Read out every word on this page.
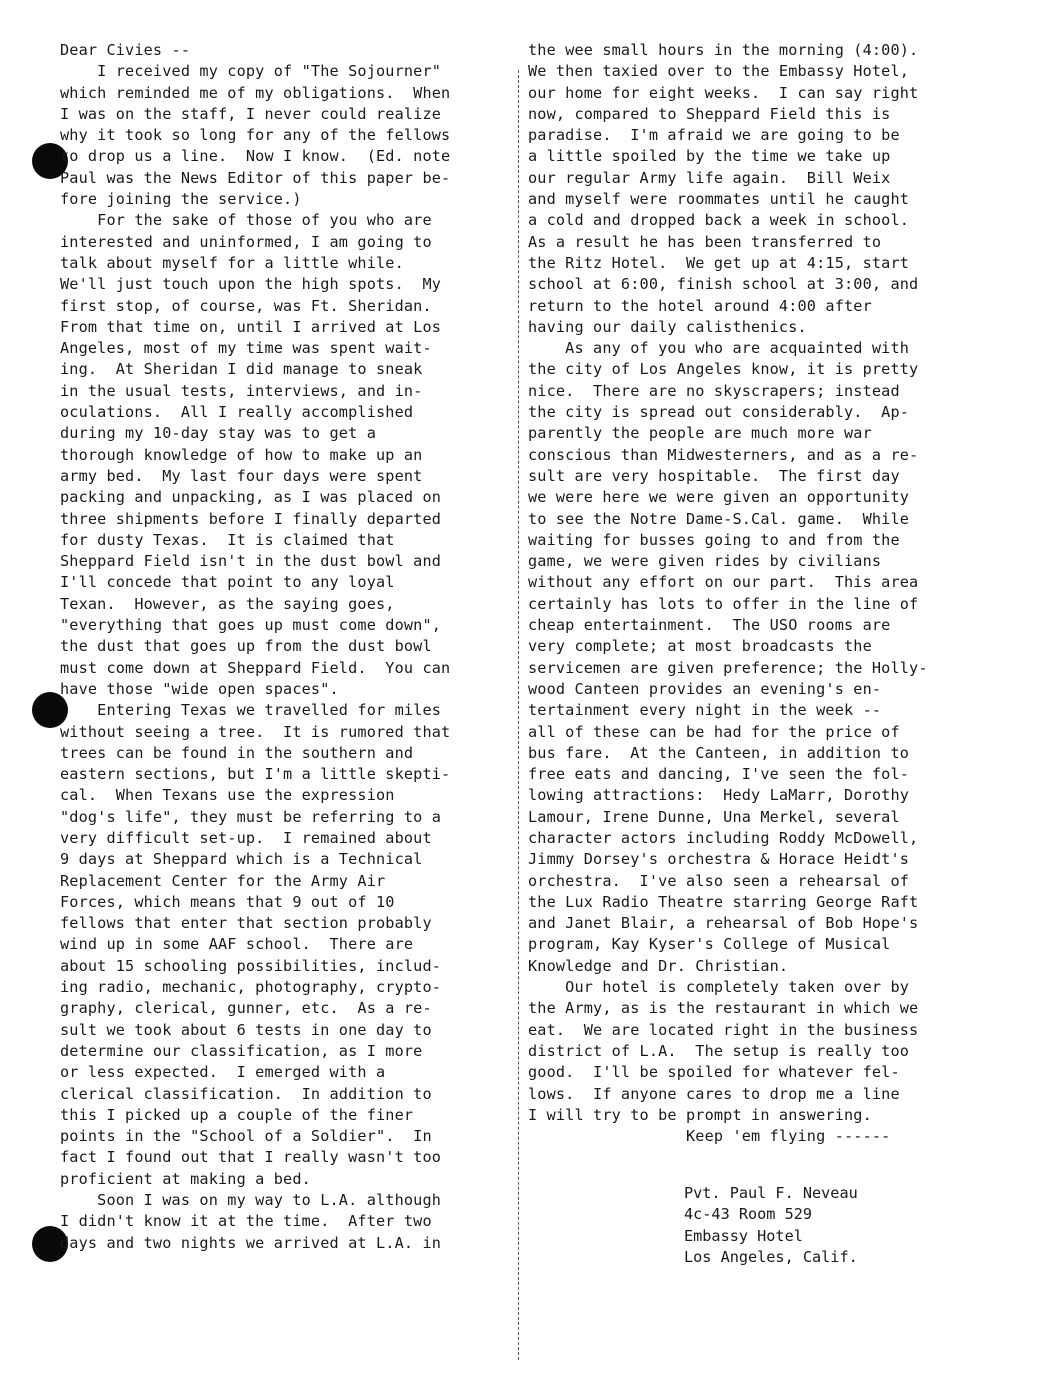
Dear Civies --
I received my copy of "The Sojourner"
which reminded me of my obligations.  When
I was on the staff, I never could realize
why it took so long for any of the fellows
to drop us a line.  Now I know.  (Ed. note
Paul was the News Editor of this paper be-
fore joining the service.)
For the sake of those of you who are
interested and uninformed, I am going to
talk about myself for a little while.
We'll just touch upon the high spots.  My
first stop, of course, was Ft. Sheridan.
From that time on, until I arrived at Los
Angeles, most of my time was spent wait-
ing.  At Sheridan I did manage to sneak
in the usual tests, interviews, and in-
oculations.  All I really accomplished
during my 10-day stay was to get a
thorough knowledge of how to make up an
army bed.  My last four days were spent
packing and unpacking, as I was placed on
three shipments before I finally departed
for dusty Texas.  It is claimed that
Sheppard Field isn't in the dust bowl and
I'll concede that point to any loyal
Texan.  However, as the saying goes,
"everything that goes up must come down",
the dust that goes up from the dust bowl
must come down at Sheppard Field.  You can
have those "wide open spaces".
Entering Texas we travelled for miles
without seeing a tree.  It is rumored that
trees can be found in the southern and
eastern sections, but I'm a little skepti-
cal.  When Texans use the expression
"dog's life", they must be referring to a
very difficult set-up.  I remained about
9 days at Sheppard which is a Technical
Replacement Center for the Army Air
Forces, which means that 9 out of 10
fellows that enter that section probably
wind up in some AAF school.  There are
about 15 schooling possibilities, includ-
ing radio, mechanic, photography, crypto-
graphy, clerical, gunner, etc.  As a re-
sult we took about 6 tests in one day to
determine our classification, as I more
or less expected.  I emerged with a
clerical classification.  In addition to
this I picked up a couple of the finer
points in the "School of a Soldier".  In
fact I found out that I really wasn't too
proficient at making a bed.
Soon I was on my way to L.A. although
I didn't know it at the time.  After two
days and two nights we arrived at L.A. in
the wee small hours in the morning (4:00).
We then taxied over to the Embassy Hotel,
our home for eight weeks.  I can say right
now, compared to Sheppard Field this is
paradise.  I'm afraid we are going to be
a little spoiled by the time we take up
our regular Army life again.  Bill Weix
and myself were roommates until he caught
a cold and dropped back a week in school.
As a result he has been transferred to
the Ritz Hotel.  We get up at 4:15, start
school at 6:00, finish school at 3:00, and
return to the hotel around 4:00 after
having our daily calisthenics.
As any of you who are acquainted with
the city of Los Angeles know, it is pretty
nice.  There are no skyscrapers; instead
the city is spread out considerably.  Ap-
parently the people are much more war
conscious than Midwesterners, and as a re-
sult are very hospitable.  The first day
we were here we were given an opportunity
to see the Notre Dame-S.Cal. game.  While
waiting for busses going to and from the
game, we were given rides by civilians
without any effort on our part.  This area
certainly has lots to offer in the line of
cheap entertainment.  The USO rooms are
very complete; at most broadcasts the
servicemen are given preference; the Holly-
wood Canteen provides an evening's en-
tertainment every night in the week --
all of these can be had for the price of
bus fare.  At the Canteen, in addition to
free eats and dancing, I've seen the fol-
lowing attractions:  Hedy LaMarr, Dorothy
Lamour, Irene Dunne, Una Merkel, several
character actors including Roddy McDowell,
Jimmy Dorsey's orchestra & Horace Heidt's
orchestra.  I've also seen a rehearsal of
the Lux Radio Theatre starring George Raft
and Janet Blair, a rehearsal of Bob Hope's
program, Kay Kyser's College of Musical
Knowledge and Dr. Christian.
Our hotel is completely taken over by
the Army, as is the restaurant in which we
eat.  We are located right in the business
district of L.A.  The setup is really too
good.  I'll be spoiled for whatever fel-
lows.  If anyone cares to drop me a line
I will try to be prompt in answering.
Keep 'em flying ------
Pvt. Paul F. Neveau
4c-43 Room 529
Embassy Hotel
Los Angeles, Calif.
